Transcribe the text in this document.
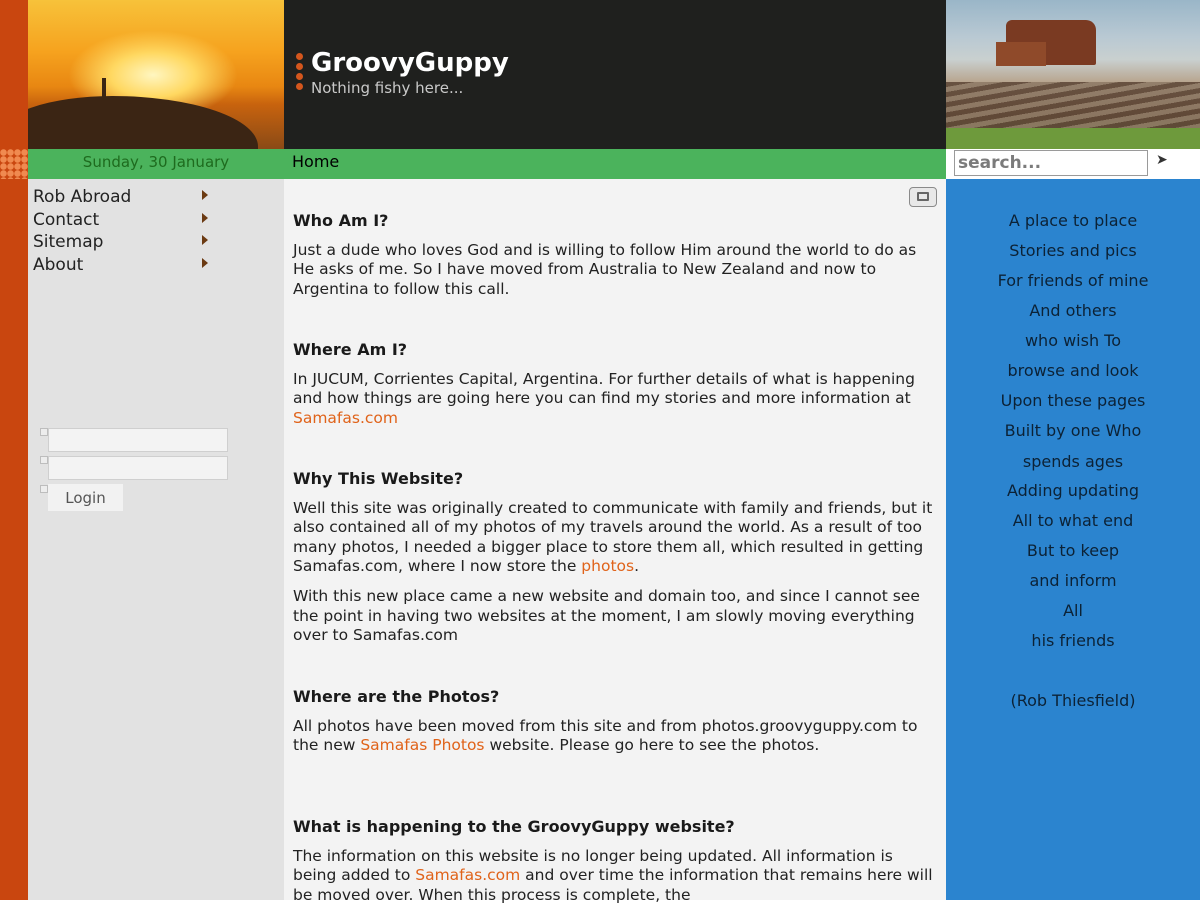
GroovyGuppy
Nothing fishy here...
Sunday, 30 January	Home
search...	➤
Rob Abroad
Contact
Sitemap
About
Login
Who Am I?

Just a dude who loves God and is willing to follow Him around the world to do as He asks of me. So I have moved from Australia to New Zealand and now to Argentina to follow this call.

Where Am I?

In JUCUM, Corrientes Capital, Argentina. For further details of what is happening and how things are going here you can find my stories and more information at Samafas.com

Why This Website?

Well this site was originally created to communicate with family and friends, but it also contained all of my photos of my travels around the world. As a result of too many photos, I needed a bigger place to store them all, which resulted in getting Samafas.com, where I now store the photos.

With this new place came a new website and domain too, and since I cannot see the point in having two websites at the moment, I am slowly moving everything over to Samafas.com

Where are the Photos?

All photos have been moved from this site and from photos.groovyguppy.com to the new Samafas Photos website. Please go here to see the photos.

What is happening to the GroovyGuppy website?

The information on this website is no longer being updated. All information is being added to Samafas.com and over time the information that remains here will be moved over. When this process is complete, the

A place to place
Stories and pics
For friends of mine
And others
who wish To
browse and look
Upon these pages
Built by one Who
spends ages
Adding updating
All to what end
But to keep
and inform
All
his friends
(Rob Thiesfield)
